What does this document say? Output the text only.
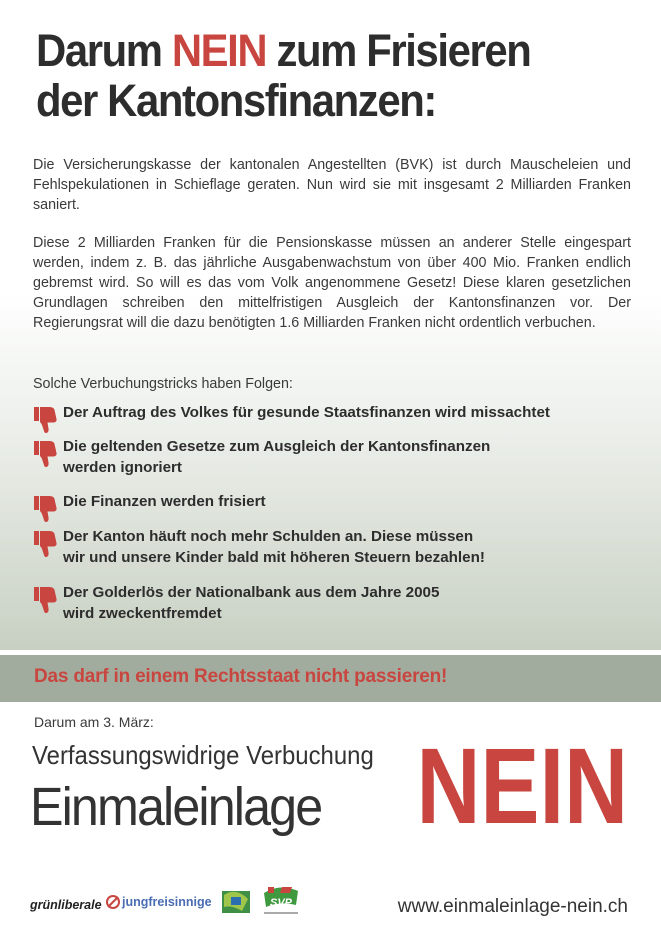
Darum NEIN zum Frisieren
der Kantonsfinanzen:

Die Versicherungskasse der kantonalen Angestellten (BVK) ist durch Mauscheleien und Fehlspekulationen in Schieflage geraten. Nun wird sie mit insgesamt 2 Milliarden Franken saniert.

Diese 2 Milliarden Franken für die Pensionskasse müssen an anderer Stelle eingespart werden, indem z. B. das jährliche Ausgabenwachstum von über 400 Mio. Franken endlich gebremst wird. So will es das vom Volk angenommene Gesetz! Diese klaren gesetzlichen Grundlagen schreiben den mittelfristigen Ausgleich der Kantonsfinanzen vor. Der Regierungsrat will die dazu benötigten 1.6 Milliarden Franken nicht ordentlich verbuchen.

Solche Verbuchungstricks haben Folgen:

Der Auftrag des Volkes für gesunde Staatsfinanzen wird missachtet
Die geltenden Gesetze zum Ausgleich der Kantonsfinanzen
werden ignoriert
Die Finanzen werden frisiert
Der Kanton häuft noch mehr Schulden an. Diese müssen
wir und unsere Kinder bald mit höheren Steuern bezahlen!
Der Golderlös der Nationalbank aus dem Jahre 2005
wird zweckentfremdet

Das darf in einem Rechtsstaat nicht passieren!

Darum am 3. März:

Verfassungswidrige Verbuchung

Einmaleinlage NEIN

grünliberale jungfreisinnige	SVP	www.einmaleinlage-nein.ch
